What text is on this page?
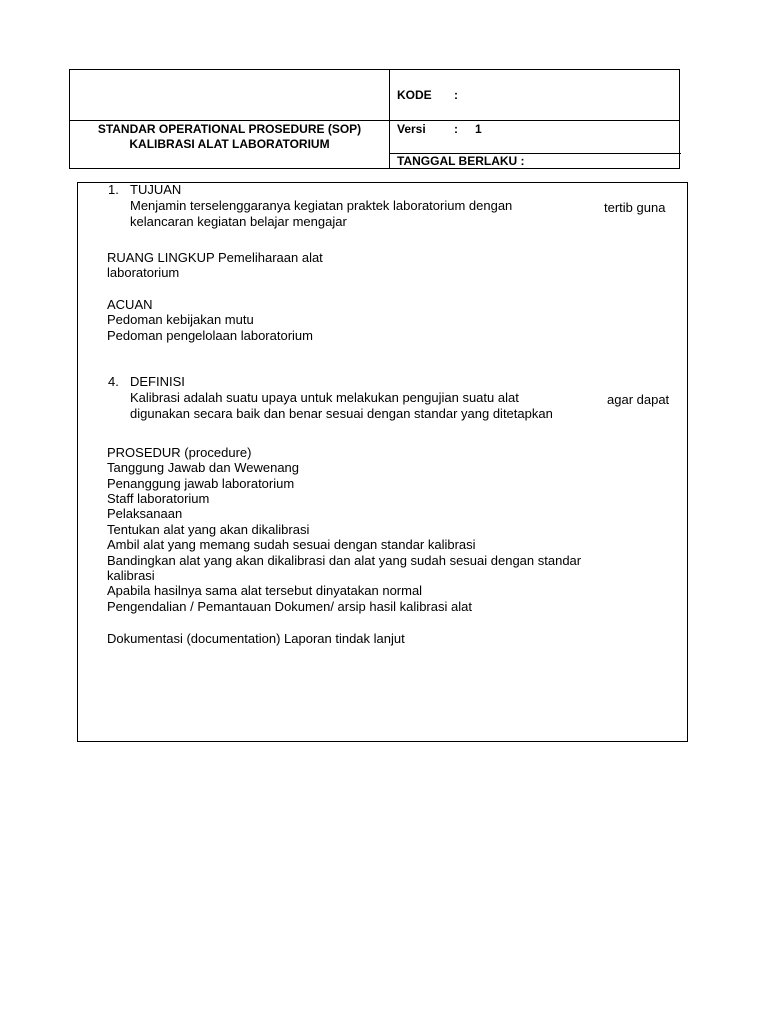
KODE :
STANDAR OPERATIONAL PROSEDURE (SOP)
KALIBRASI ALAT LABORATORIUM
Versi : 1
TANGGAL BERLAKU :
1. TUJUAN
Menjamin terselenggaranya kegiatan praktek laboratorium dengan
kelancaran kegiatan belajar mengajar
tertib guna
RUANG LINGKUP Pemeliharaan alat
laboratorium
ACUAN
Pedoman kebijakan mutu
Pedoman pengelolaan laboratorium
4. DEFINISI
Kalibrasi adalah suatu upaya untuk melakukan pengujian suatu alat
digunakan secara baik dan benar sesuai dengan standar yang ditetapkan
agar dapat
PROSEDUR (procedure)
Tanggung Jawab dan Wewenang
Penanggung jawab laboratorium
Staff laboratorium
Pelaksanaan
Tentukan alat yang akan dikalibrasi
Ambil alat yang memang sudah sesuai dengan standar kalibrasi
Bandingkan alat yang akan dikalibrasi dan alat yang sudah sesuai dengan standar
kalibrasi
Apabila hasilnya sama alat tersebut dinyatakan normal
Pengendalian / Pemantauan Dokumen/ arsip hasil kalibrasi alat
Dokumentasi (documentation) Laporan tindak lanjut
